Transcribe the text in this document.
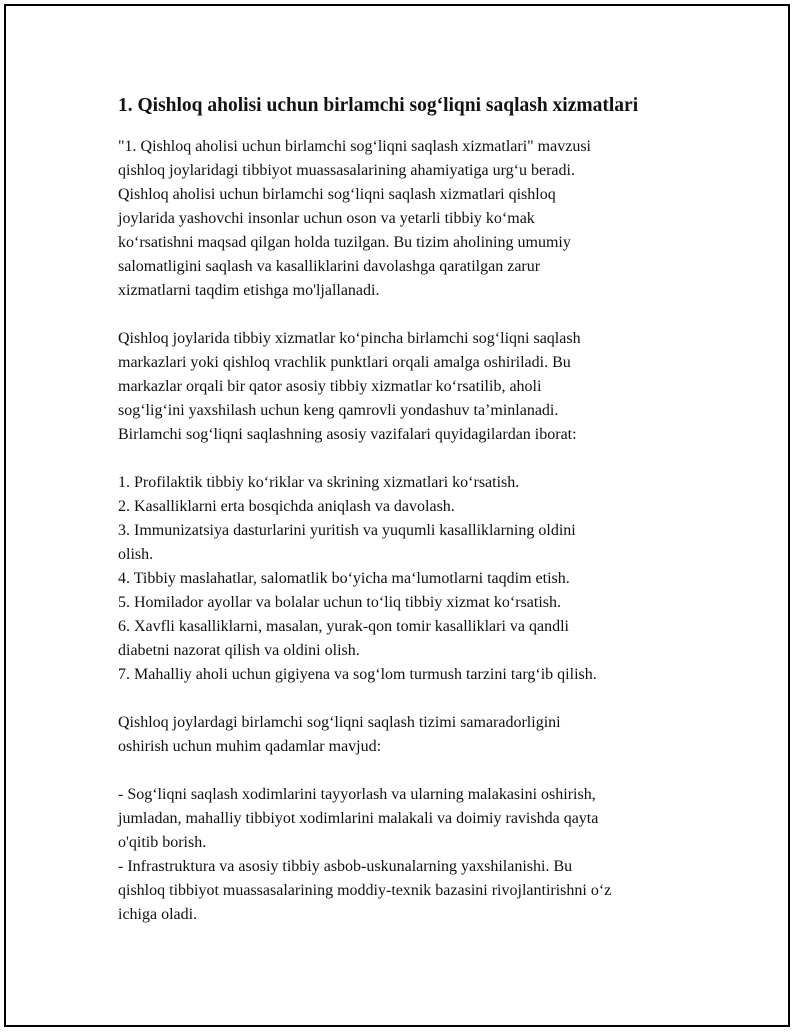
1. Qishloq aholisi uchun birlamchi sog‘liqni saqlash xizmatlari
"1. Qishloq aholisi uchun birlamchi sog‘liqni saqlash xizmatlari" mavzusi
qishloq joylaridagi tibbiyot muassasalarining ahamiyatiga urg‘u beradi.
Qishloq aholisi uchun birlamchi sog‘liqni saqlash xizmatlari qishloq
joylarida yashovchi insonlar uchun oson va yetarli tibbiy ko‘mak
ko‘rsatishni maqsad qilgan holda tuzilgan. Bu tizim aholining umumiy
salomatligini saqlash va kasalliklarini davolashga qaratilgan zarur
xizmatlarni taqdim etishga mo'ljallanadi.
Qishloq joylarida tibbiy xizmatlar ko‘pincha birlamchi sog‘liqni saqlash
markazlari yoki qishloq vrachlik punktlari orqali amalga oshiriladi. Bu
markazlar orqali bir qator asosiy tibbiy xizmatlar ko‘rsatilib, aholi
sog‘lig‘ini yaxshilash uchun keng qamrovli yondashuv ta’minlanadi.
Birlamchi sog‘liqni saqlashning asosiy vazifalari quyidagilardan iborat:
1. Profilaktik tibbiy ko‘riklar va skrining xizmatlari ko‘rsatish.
2. Kasalliklarni erta bosqichda aniqlash va davolash.
3. Immunizatsiya dasturlarini yuritish va yuqumli kasalliklarning oldini
olish.
4. Tibbiy maslahatlar, salomatlik bo‘yicha ma‘lumotlarni taqdim etish.
5. Homilador ayollar va bolalar uchun to‘liq tibbiy xizmat ko‘rsatish.
6. Xavfli kasalliklarni, masalan, yurak-qon tomir kasalliklari va qandli
diabetni nazorat qilish va oldini olish.
7. Mahalliy aholi uchun gigiyena va sog‘lom turmush tarzini targ‘ib qilish.
Qishloq joylardagi birlamchi sog‘liqni saqlash tizimi samaradorligini
oshirish uchun muhim qadamlar mavjud:
- Sog‘liqni saqlash xodimlarini tayyorlash va ularning malakasini oshirish,
jumladan, mahalliy tibbiyot xodimlarini malakali va doimiy ravishda qayta
o'qitib borish.
- Infrastruktura va asosiy tibbiy asbob-uskunalarning yaxshilanishi. Bu
qishloq tibbiyot muassasalarining moddiy-texnik bazasini rivojlantirishni o‘z
ichiga oladi.
